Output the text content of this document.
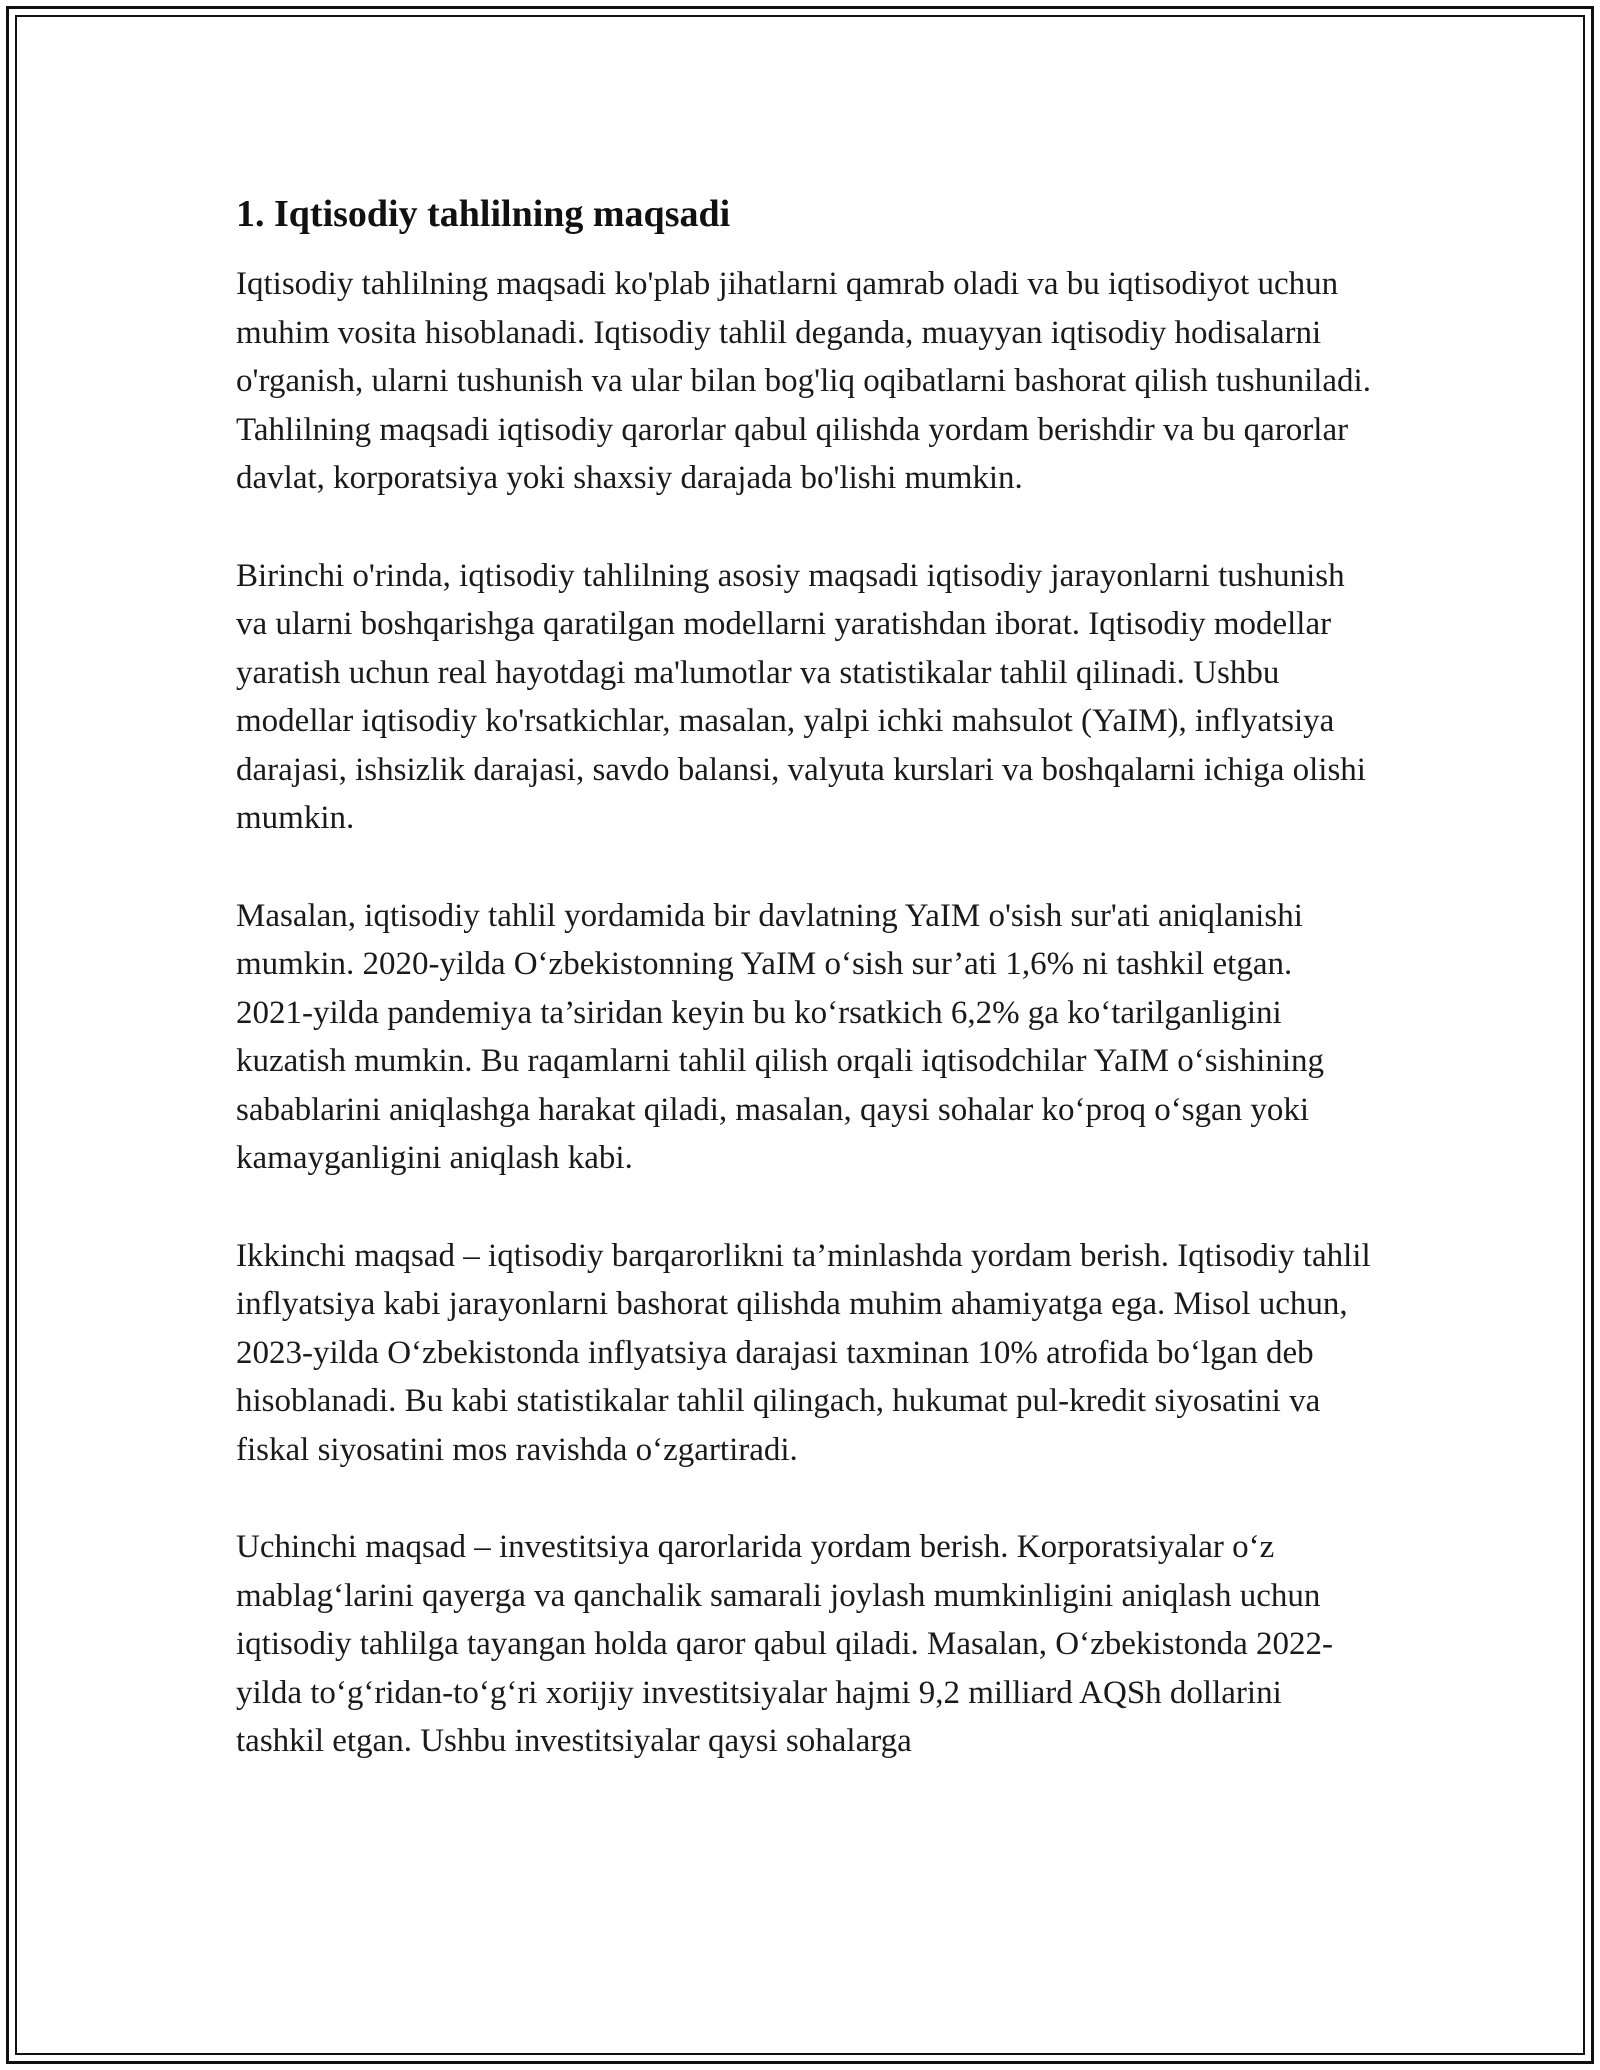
1. Iqtisodiy tahlilning maqsadi

Iqtisodiy tahlilning maqsadi ko'plab jihatlarni qamrab oladi va bu iqtisodiyot uchun muhim vosita hisoblanadi. Iqtisodiy tahlil deganda, muayyan iqtisodiy hodisalarni o'rganish, ularni tushunish va ular bilan bog'liq oqibatlarni bashorat qilish tushuniladi. Tahlilning maqsadi iqtisodiy qarorlar qabul qilishda yordam berishdir va bu qarorlar davlat, korporatsiya yoki shaxsiy darajada bo'lishi mumkin.

Birinchi o'rinda, iqtisodiy tahlilning asosiy maqsadi iqtisodiy jarayonlarni tushunish va ularni boshqarishga qaratilgan modellarni yaratishdan iborat. Iqtisodiy modellar yaratish uchun real hayotdagi ma'lumotlar va statistikalar tahlil qilinadi. Ushbu modellar iqtisodiy ko'rsatkichlar, masalan, yalpi ichki mahsulot (YaIM), inflyatsiya darajasi, ishsizlik darajasi, savdo balansi, valyuta kurslari va boshqalarni ichiga olishi mumkin.

Masalan, iqtisodiy tahlil yordamida bir davlatning YaIM o'sish sur'ati aniqlanishi mumkin. 2020-yilda O‘zbekistonning YaIM o‘sish sur’ati 1,6% ni tashkil etgan. 2021-yilda pandemiya ta’siridan keyin bu ko‘rsatkich 6,2% ga ko‘tarilganligini kuzatish mumkin. Bu raqamlarni tahlil qilish orqali iqtisodchilar YaIM o‘sishining sabablarini aniqlashga harakat qiladi, masalan, qaysi sohalar ko‘proq o‘sgan yoki kamayganligini aniqlash kabi.

Ikkinchi maqsad – iqtisodiy barqarorlikni ta’minlashda yordam berish. Iqtisodiy tahlil inflyatsiya kabi jarayonlarni bashorat qilishda muhim ahamiyatga ega. Misol uchun, 2023-yilda O‘zbekistonda inflyatsiya darajasi taxminan 10% atrofida bo‘lgan deb hisoblanadi. Bu kabi statistikalar tahlil qilingach, hukumat pul-kredit siyosatini va fiskal siyosatini mos ravishda o‘zgartiradi.

Uchinchi maqsad – investitsiya qarorlarida yordam berish. Korporatsiyalar o‘z mablag‘larini qayerga va qanchalik samarali joylash mumkinligini aniqlash uchun iqtisodiy tahlilga tayangan holda qaror qabul qiladi. Masalan, O‘zbekistonda 2022-yilda to‘g‘ridan-to‘g‘ri xorijiy investitsiyalar hajmi 9,2 milliard AQSh dollarini tashkil etgan. Ushbu investitsiyalar qaysi sohalarga
